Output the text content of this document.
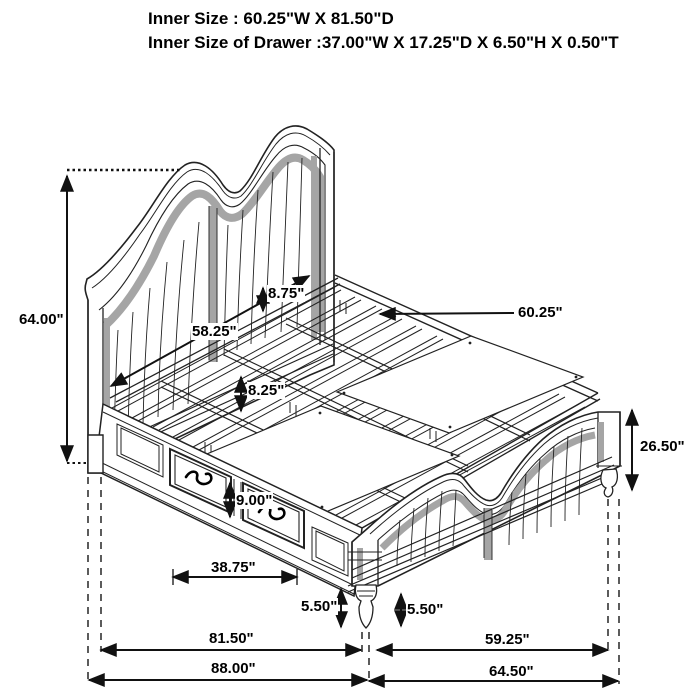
Inner Size : 60.25"W X 81.50"D
Inner Size of Drawer :37.00"W X 17.25"D X 6.50"H X 0.50"T
64.00"
8.75"
58.25"
60.25"
8.25"
26.50"
9.00"
38.75"
5.50"	5.50"
81.50"	59.25"
88.00"	64.50"
